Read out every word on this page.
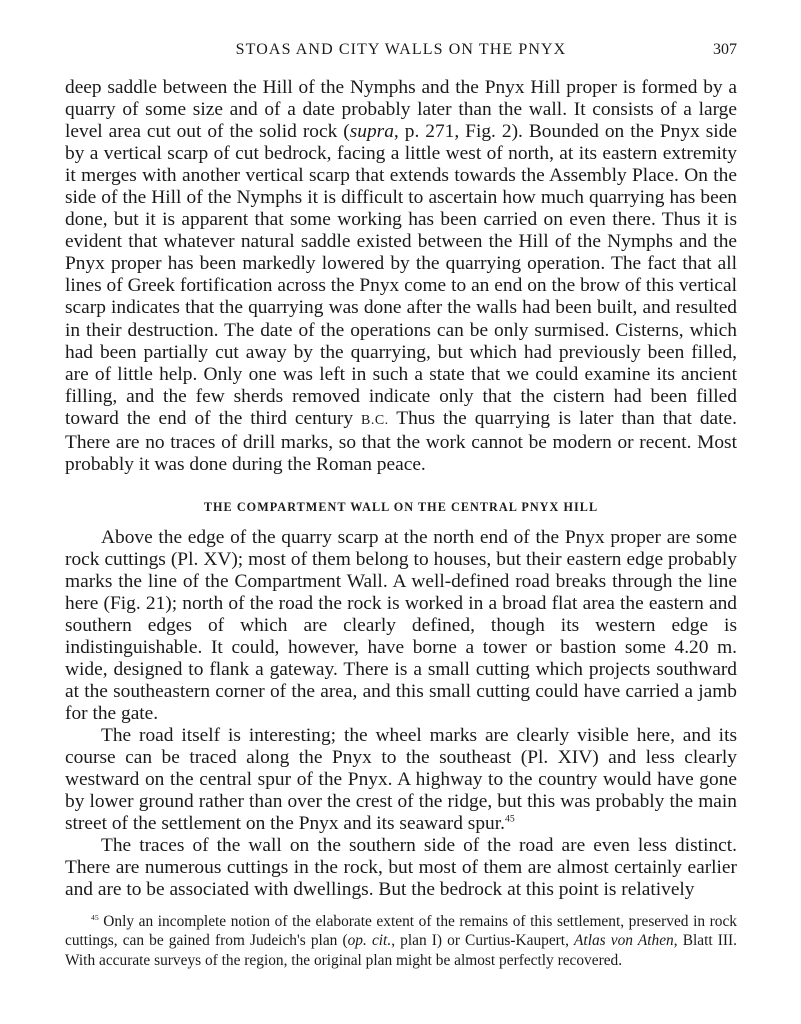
STOAS AND CITY WALLS ON THE PNYX	307

deep saddle between the Hill of the Nymphs and the Pnyx Hill proper is formed by a quarry of some size and of a date probably later than the wall. It consists of a large level area cut out of the solid rock (supra, p. 271, Fig. 2). Bounded on the Pnyx side by a vertical scarp of cut bedrock, facing a little west of north, at its eastern extremity it merges with another vertical scarp that extends towards the Assembly Place. On the side of the Hill of the Nymphs it is difficult to ascertain how much quarrying has been done, but it is apparent that some working has been carried on even there. Thus it is evident that whatever natural saddle existed between the Hill of the Nymphs and the Pnyx proper has been markedly lowered by the quarrying operation. The fact that all lines of Greek fortification across the Pnyx come to an end on the brow of this vertical scarp indicates that the quarrying was done after the walls had been built, and resulted in their destruction. The date of the operations can be only surmised. Cisterns, which had been partially cut away by the quarrying, but which had previously been filled, are of little help. Only one was left in such a state that we could examine its ancient filling, and the few sherds removed indicate only that the cistern had been filled toward the end of the third century B.C. Thus the quarrying is later than that date. There are no traces of drill marks, so that the work cannot be modern or recent. Most probably it was done during the Roman peace.

THE COMPARTMENT WALL ON THE CENTRAL PNYX HILL

Above the edge of the quarry scarp at the north end of the Pnyx proper are some rock cuttings (Pl. XV); most of them belong to houses, but their eastern edge probably marks the line of the Compartment Wall. A well-defined road breaks through the line here (Fig. 21); north of the road the rock is worked in a broad flat area the eastern and southern edges of which are clearly defined, though its western edge is indistinguishable. It could, however, have borne a tower or bastion some 4.20 m. wide, designed to flank a gateway. There is a small cutting which projects southward at the southeastern corner of the area, and this small cutting could have carried a jamb for the gate.

The road itself is interesting; the wheel marks are clearly visible here, and its course can be traced along the Pnyx to the southeast (Pl. XIV) and less clearly westward on the central spur of the Pnyx. A highway to the country would have gone by lower ground rather than over the crest of the ridge, but this was probably the main street of the settlement on the Pnyx and its seaward spur.$^{45}$

The traces of the wall on the southern side of the road are even less distinct. There are numerous cuttings in the rock, but most of them are almost certainly earlier and are to be associated with dwellings. But the bedrock at this point is relatively

$^{45}$ Only an incomplete notion of the elaborate extent of the remains of this settlement, preserved in rock cuttings, can be gained from Judeich's plan (op. cit., plan I) or Curtius-Kaupert, Atlas von Athen, Blatt III. With accurate surveys of the region, the original plan might be almost perfectly recovered.
